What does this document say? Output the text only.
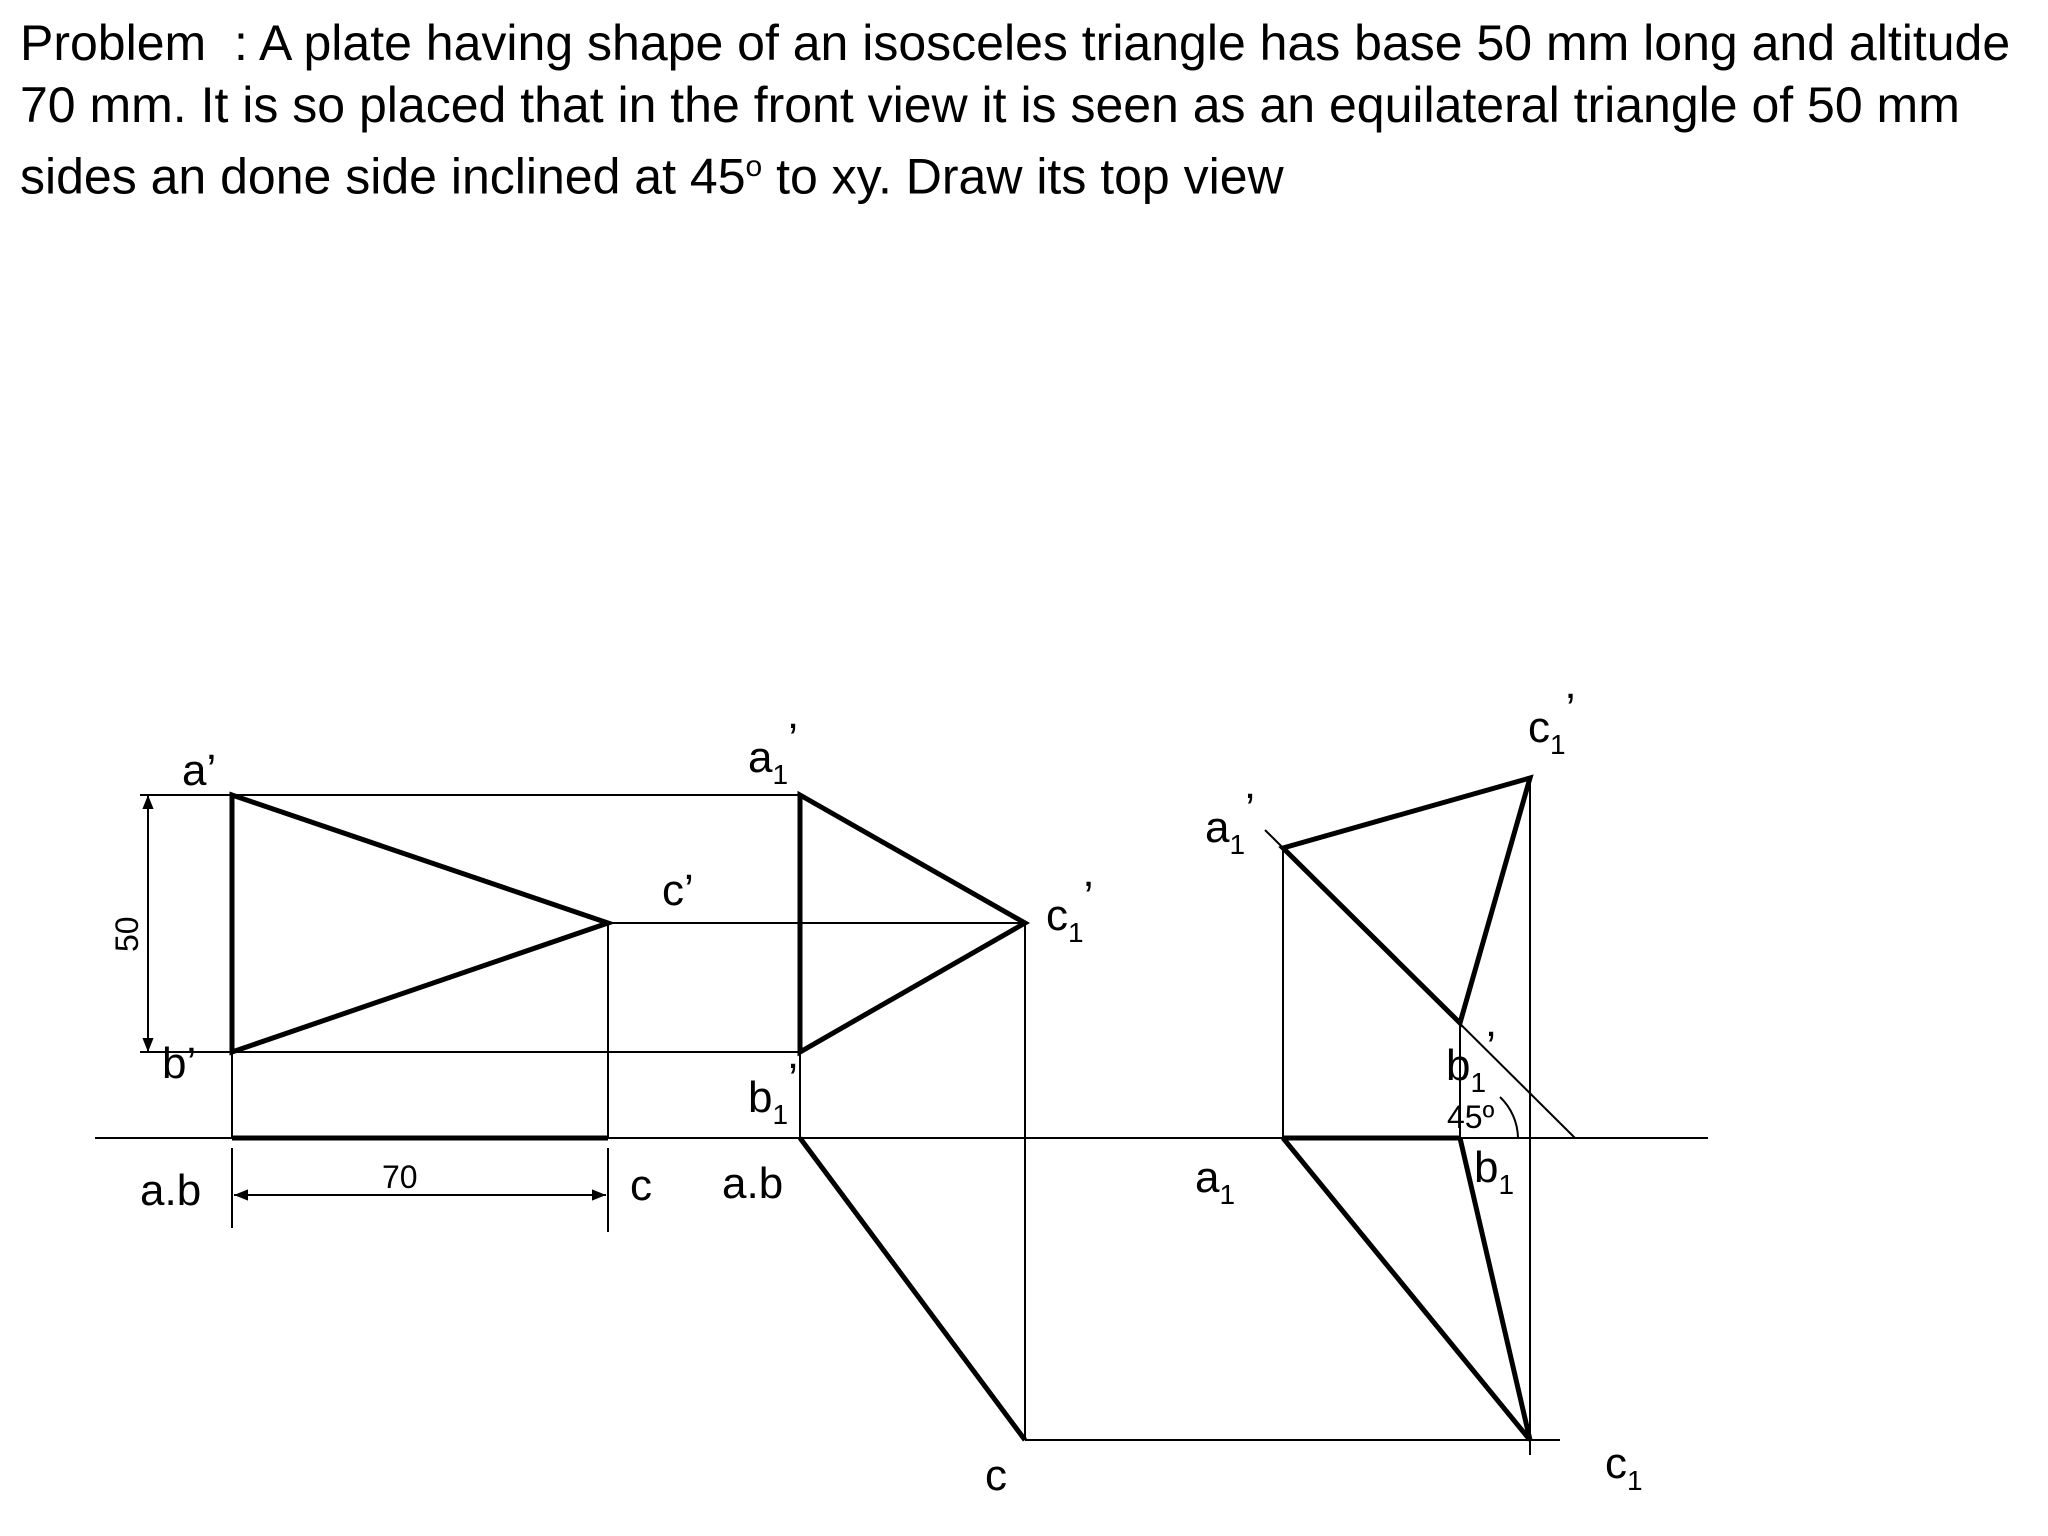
Problem  : A plate having shape of an isosceles triangle has base 50 mm long and altitude 70 mm. It is so placed that in the front view it is seen as an equilateral triangle of 50 mm sides an done side inclined at 45$^o$ to xy. Draw its top view

50
70
a’
b’
c’
a.b	c
$a_1$’
$c_1$’
$b_1$’
a.b
c
$a_1$’
$c_1$’
$b_1$’
45º
$a_1$
$b_1$
$c_1$
